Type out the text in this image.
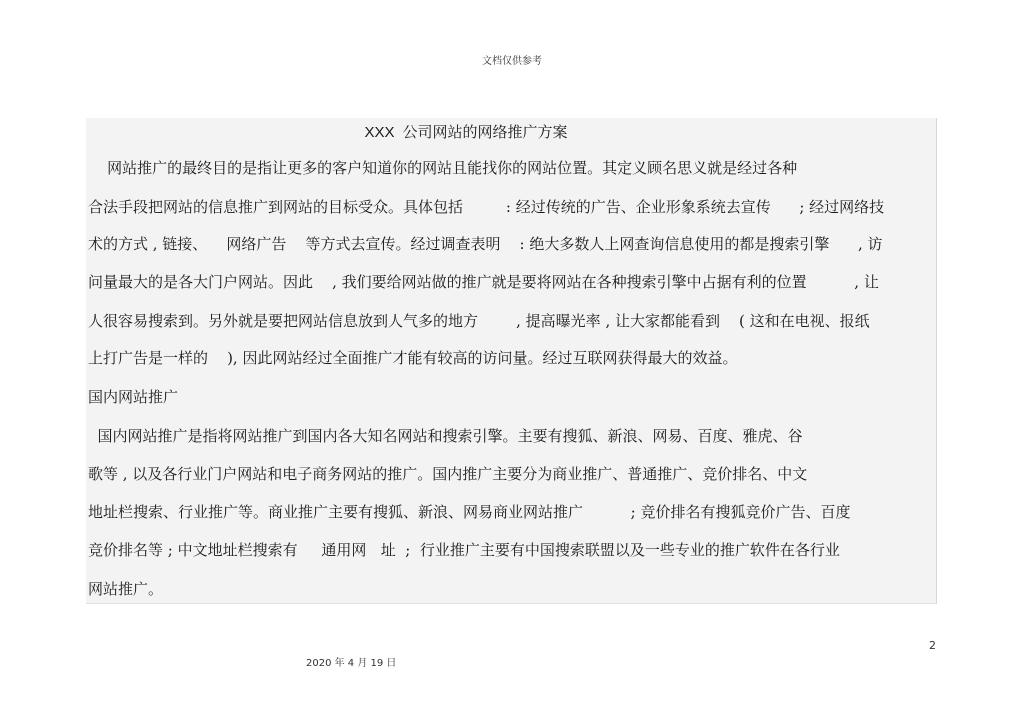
文档仅供参考
XXX 公司网站的网络推广方案
网站推广的最终目的是指让更多的客户知道你的网站且能找你的网站位置。其定义顾名思义就是经过各种
合法手段把网站的信息推广到网站的目标受众。具体包括         : 经过传统的广告、企业形象系统去宣传      ; 经过网络技
术的方式 , 链接、    网络广告    等方式去宣传。经过调查表明    : 绝大多数人上网查询信息使用的都是搜索引擎      , 访
问量最大的是各大门户网站。因此    , 我们要给网站做的推广就是要将网站在各种搜索引擎中占据有利的位置          , 让
人很容易搜索到。另外就是要把网站信息放到人气多的地方        , 提高曝光率 , 让大家都能看到    ( 这和在电视、报纸
上打广告是一样的    ), 因此网站经过全面推广才能有较高的访问量。经过互联网获得最大的效益。
国内网站推广
国内网站推广是指将网站推广到国内各大知名网站和搜索引擎。主要有搜狐、新浪、网易、百度、雅虎、谷
歌等 , 以及各行业门户网站和电子商务网站的推广。国内推广主要分为商业推广、普通推广、竞价排名、中文
地址栏搜索、行业推广等。商业推广主要有搜狐、新浪、网易商业网站推广          ; 竞价排名有搜狐竞价广告、百度
竞价排名等 ; 中文地址栏搜索有     通用网   址  ;  行业推广主要有中国搜索联盟以及一些专业的推广软件在各行业
网站推广。
2
2020 年 4 月 19 日
